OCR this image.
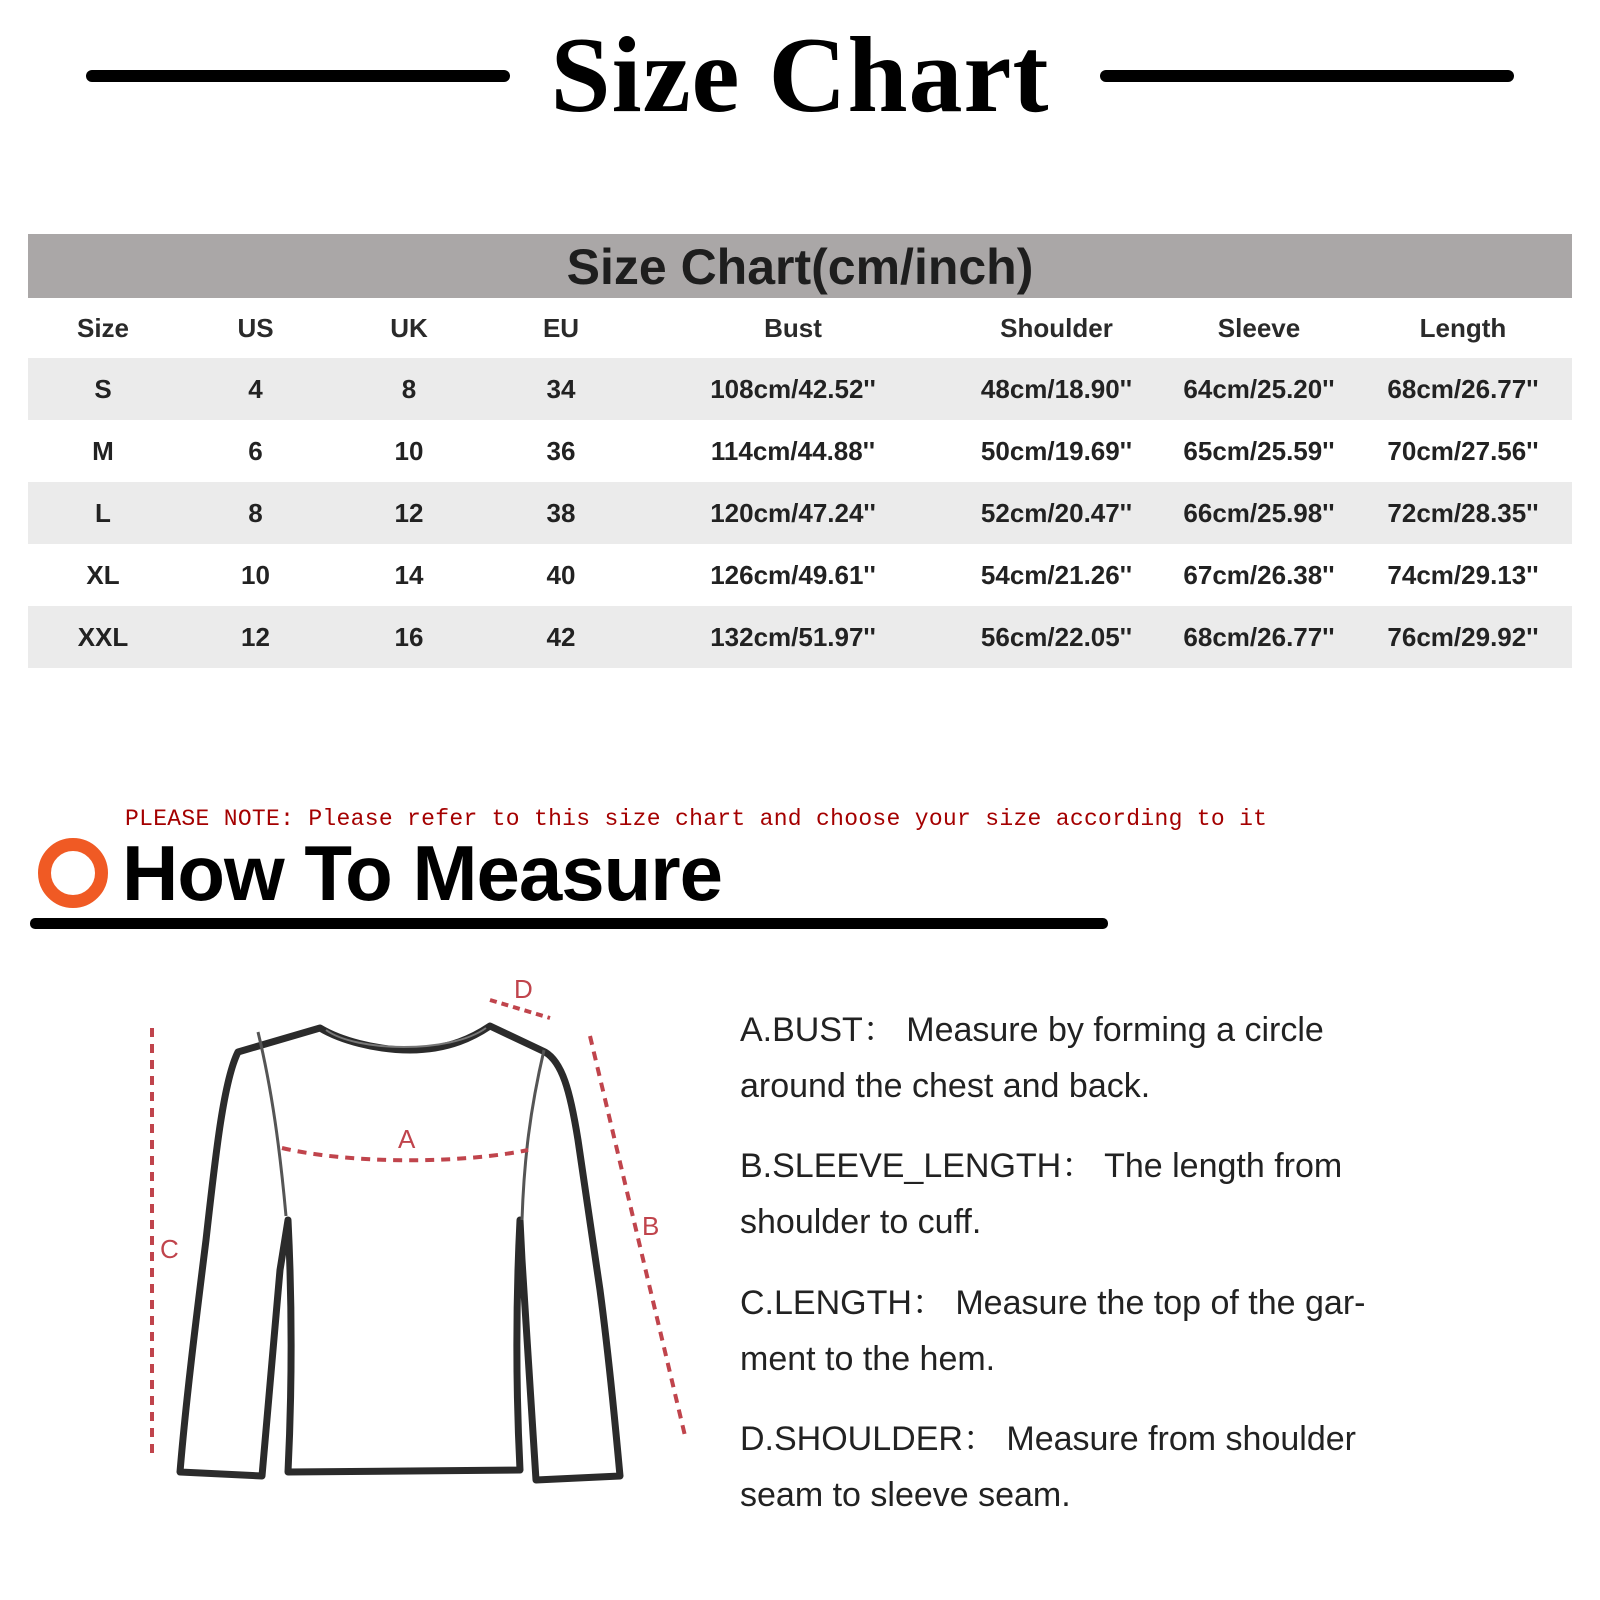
Size Chart
Size Chart(cm/inch)
Size	US	UK	EU	Bust	Shoulder	Sleeve	Length
S	4	8	34	108cm/42.52''	48cm/18.90''	64cm/25.20''	68cm/26.77''
M	6	10	36	114cm/44.88''	50cm/19.69''	65cm/25.59''	70cm/27.56''
L	8	12	38	120cm/47.24''	52cm/20.47''	66cm/25.98''	72cm/28.35''
XL	10	14	40	126cm/49.61''	54cm/21.26''	67cm/26.38''	74cm/29.13''
XXL	12	16	42	132cm/51.97''	56cm/22.05''	68cm/26.77''	76cm/29.92''
PLEASE NOTE: Please refer to this size chart and choose your size according to it
How To Measure
A
B
C
D
A.BUST： Measure by forming a circle
around the chest and back.
B.SLEEVE_LENGTH： The length from
shoulder to cuff.
C.LENGTH： Measure the top of the gar-
ment to the hem.
D.SHOULDER： Measure from shoulder
seam to sleeve seam.
